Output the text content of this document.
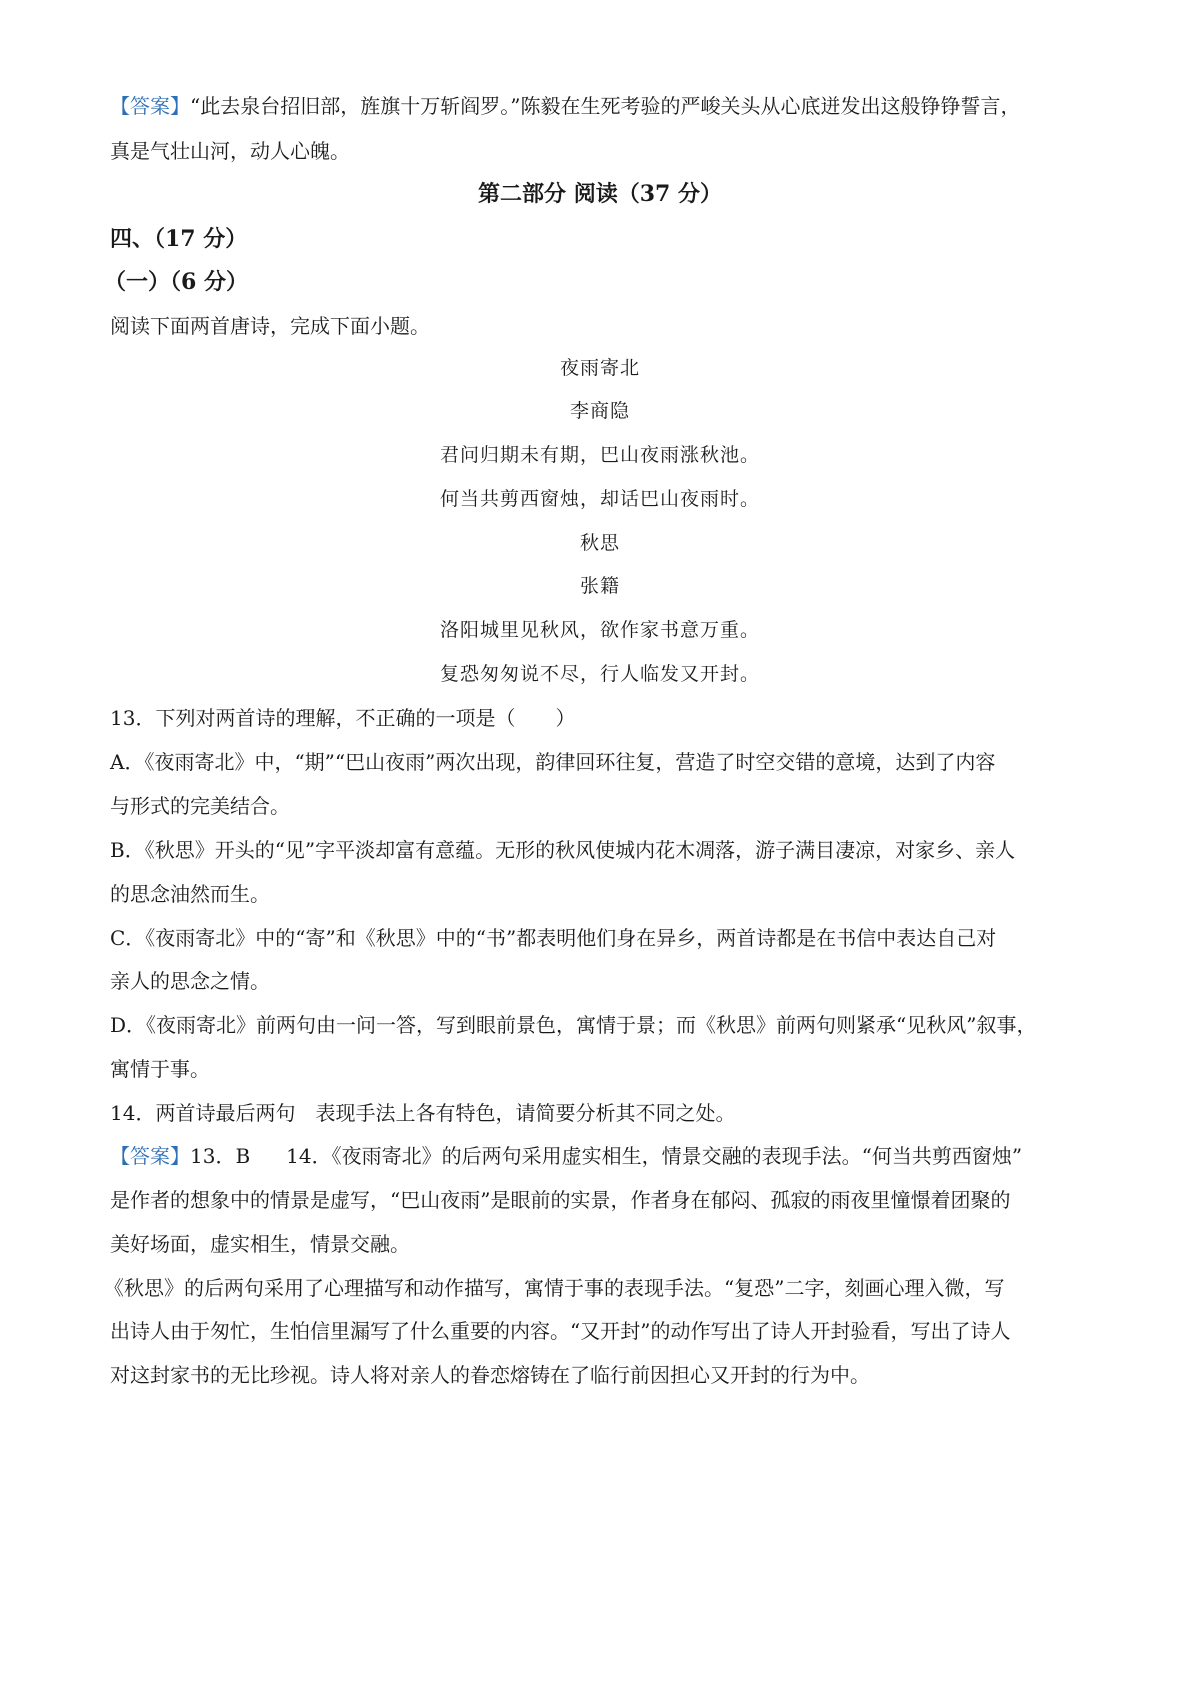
【答案】“此去泉台招旧部，旌旗十万斩阎罗。”陈毅在生死考验的严峻关头从心底迸发出这般铮铮誓言，
真是气壮山河，动人心魄。
第二部分 阅读（37 分）
四、（17 分）
（一）（6 分）
阅读下面两首唐诗，完成下面小题。
夜雨寄北
李商隐
君问归期未有期，巴山夜雨涨秋池。
何当共剪西窗烛，却话巴山夜雨时。
秋思
张籍
洛阳城里见秋风，欲作家书意万重。
复恐匆匆说不尽，行人临发又开封。
13．下列对两首诗的理解，不正确的一项是（　　）
A．《夜雨寄北》中，“期”“巴山夜雨”两次出现，韵律回环往复，营造了时空交错的意境，达到了内容
与形式的完美结合。
B．《秋思》开头的“见”字平淡却富有意蕴。无形的秋风使城内花木凋落，游子满目凄凉，对家乡、亲人
的思念油然而生。
C．《夜雨寄北》中的“寄”和《秋思》中的“书”都表明他们身在异乡，两首诗都是在书信中表达自己对
亲人的思念之情。
D．《夜雨寄北》前两句由一问一答，写到眼前景色，寓情于景；而《秋思》前两句则紧承“见秋风”叙事，
寓情于事。
14．两首诗最后两句　表现手法上各有特色，请简要分析其不同之处。
【答案】13．B 14．《夜雨寄北》的后两句采用虚实相生，情景交融的表现手法。“何当共剪西窗烛”
是作者的想象中的情景是虚写，“巴山夜雨”是眼前的实景，作者身在郁闷、孤寂的雨夜里憧憬着团聚的
美好场面，虚实相生，情景交融。
《秋思》的后两句采用了心理描写和动作描写，寓情于事的表现手法。“复恐”二字，刻画心理入微，写
出诗人由于匆忙，生怕信里漏写了什么重要的内容。“又开封”的动作写出了诗人开封验看，写出了诗人
对这封家书的无比珍视。诗人将对亲人的眷恋熔铸在了临行前因担心又开封的行为中。
